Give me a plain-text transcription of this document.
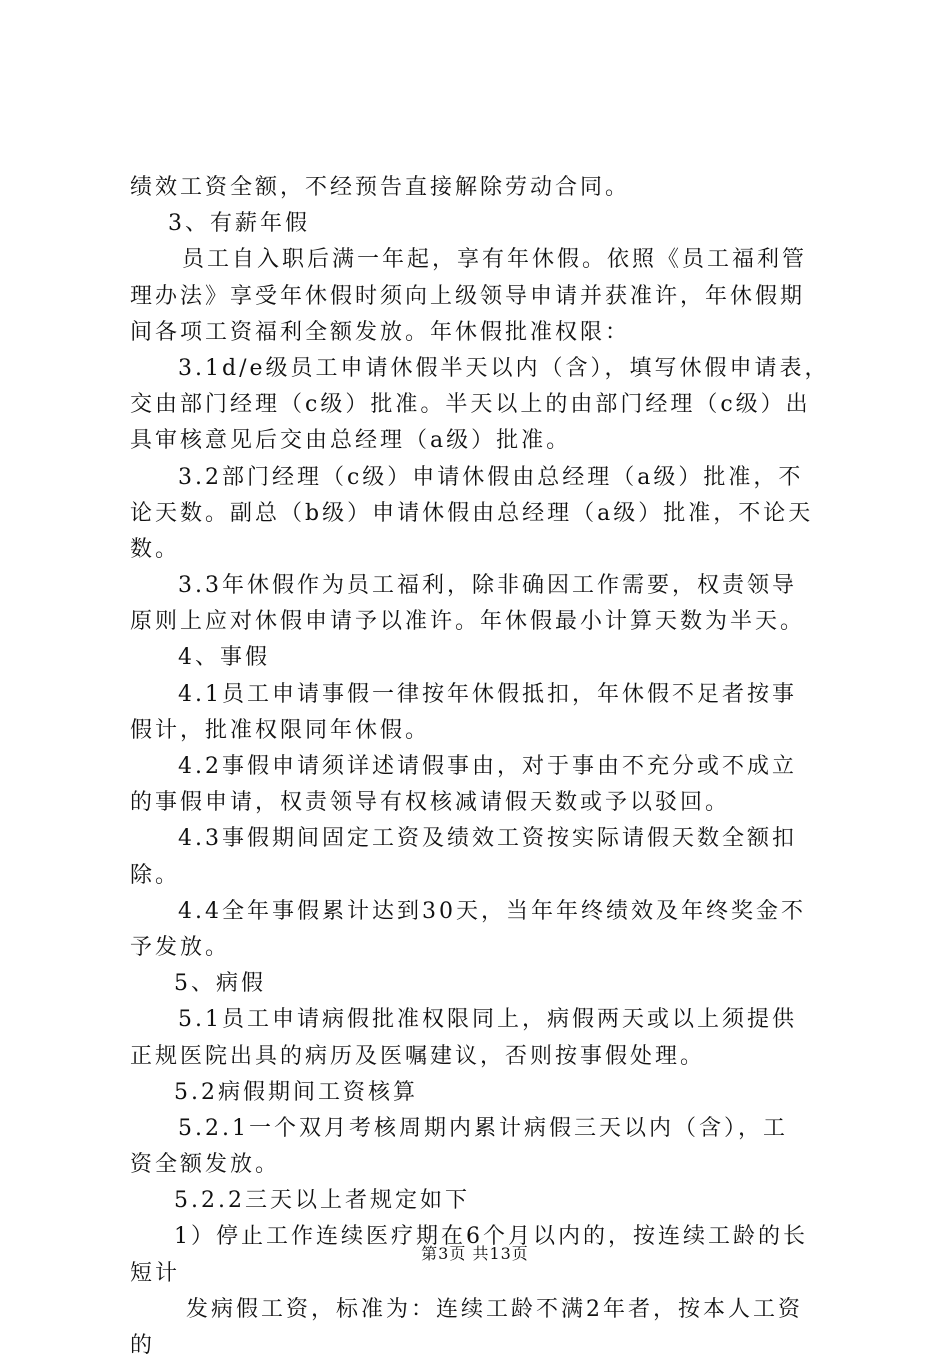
绩效工资全额，不经预告直接解除劳动合同。
3、有薪年假
员工自入职后满一年起，享有年休假。依照《员工福利管
理办法》享受年休假时须向上级领导申请并获准许，年休假期
间各项工资福利全额发放。年休假批准权限：
3.1d/e级员工申请休假半天以内（含），填写休假申请表，
交由部门经理（c级）批准。半天以上的由部门经理（c级）出
具审核意见后交由总经理（a级）批准。
3.2部门经理（c级）申请休假由总经理（a级）批准，不
论天数。副总（b级）申请休假由总经理（a级）批准，不论天
数。
3.3年休假作为员工福利，除非确因工作需要，权责领导
原则上应对休假申请予以准许。年休假最小计算天数为半天。
4、事假
4.1员工申请事假一律按年休假抵扣，年休假不足者按事
假计，批准权限同年休假。
4.2事假申请须详述请假事由，对于事由不充分或不成立
的事假申请，权责领导有权核减请假天数或予以驳回。
4.3事假期间固定工资及绩效工资按实际请假天数全额扣
除。
4.4全年事假累计达到30天，当年年终绩效及年终奖金不
予发放。
5、病假
5.1员工申请病假批准权限同上，病假两天或以上须提供
正规医院出具的病历及医嘱建议，否则按事假处理。
5.2病假期间工资核算
5.2.1一个双月考核周期内累计病假三天以内（含），工
资全额发放。
5.2.2三天以上者规定如下
1）停止工作连续医疗期在6个月以内的，按连续工龄的长
短计
发病假工资，标准为：连续工龄不满2年者，按本人工资
的
第3页 共13页
